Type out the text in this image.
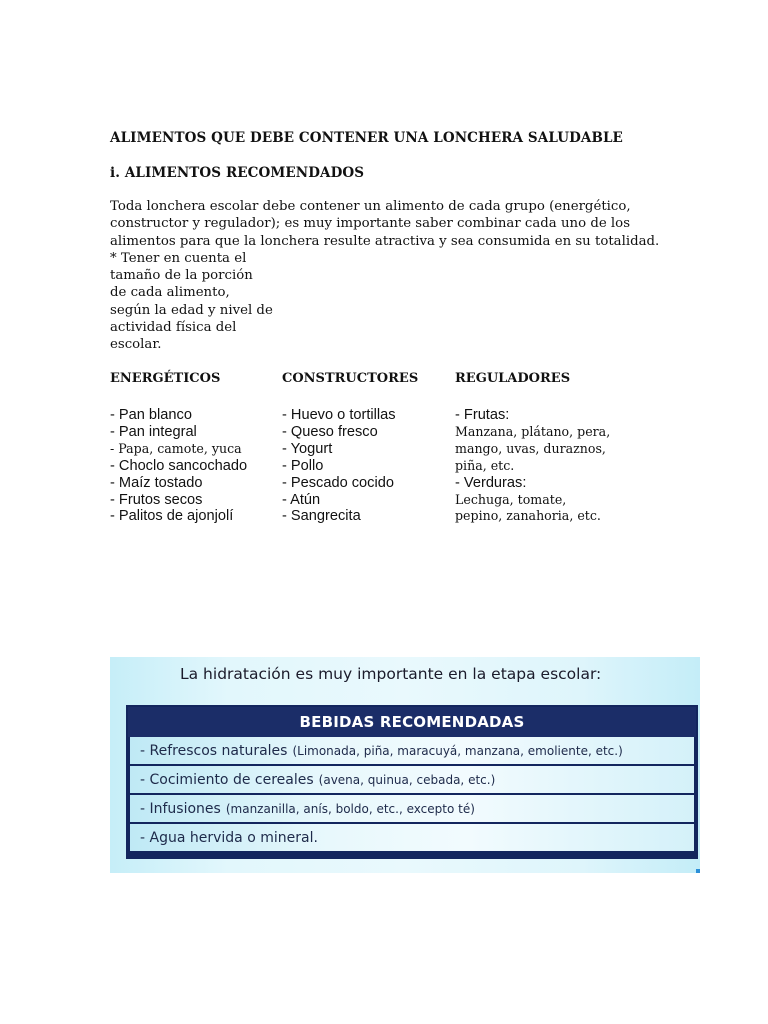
ALIMENTOS QUE DEBE CONTENER UNA LONCHERA SALUDABLE
i. ALIMENTOS RECOMENDADOS
Toda lonchera escolar debe contener un alimento de cada grupo (energético,
constructor y regulador); es muy importante saber combinar cada uno de los
alimentos para que la lonchera resulte atractiva y sea consumida en su totalidad.
* Tener en cuenta el
tamaño de la porción
de cada alimento,
según la edad y nivel de
actividad física del
escolar.
ENERGÉTICOS	CONSTRUCTORES	REGULADORES
- Pan blanco
- Pan integral
- Papa, camote, yuca
- Choclo sancochado
- Maíz tostado
- Frutos secos
- Palitos de ajonjolí
- Huevo o tortillas
- Queso fresco
- Yogurt
- Pollo
- Pescado cocido
- Atún
- Sangrecita
- Frutas:
Manzana, plátano, pera,
mango, uvas, duraznos,
piña, etc.
- Verduras:
Lechuga, tomate,
pepino, zanahoria, etc.
La hidratación es muy importante en la etapa escolar:
BEBIDAS RECOMENDADAS
- Refrescos naturales (Limonada, piña, maracuyá, manzana, emoliente, etc.)
- Cocimiento de cereales (avena, quinua, cebada, etc.)
- Infusiones (manzanilla, anís, boldo, etc., excepto té)
- Agua hervida o mineral.
